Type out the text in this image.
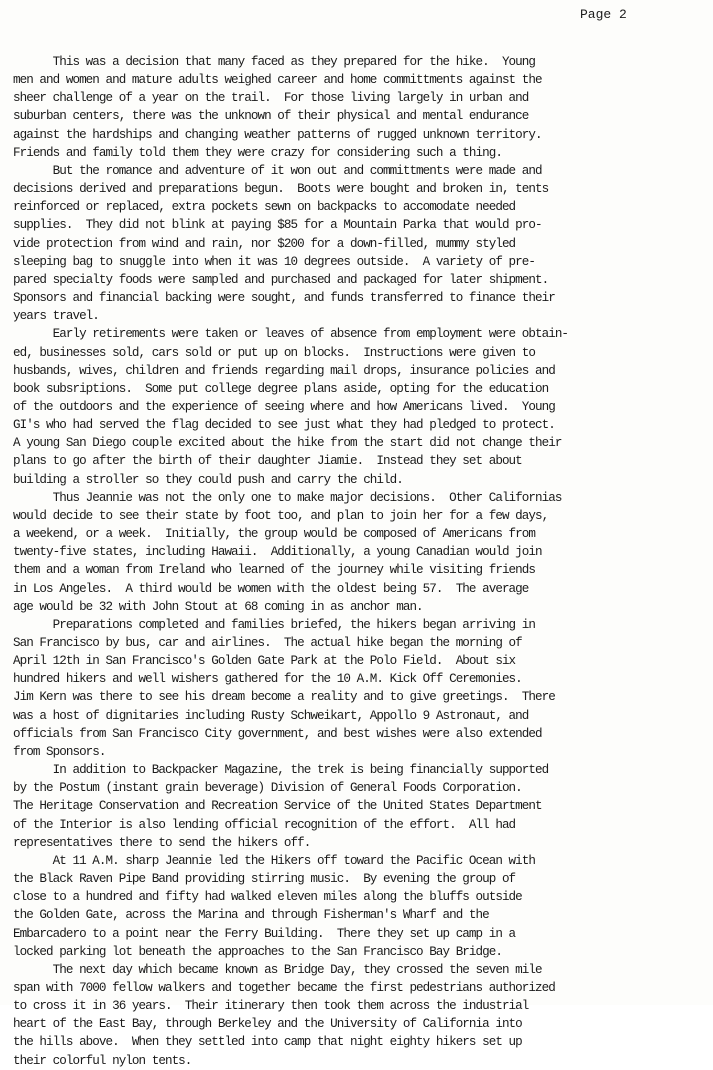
Page 2

This was a decision that many faced as they prepared for the hike.  Young
men and women and mature adults weighed career and home committments against the
sheer challenge of a year on the trail.  For those living largely in urban and
suburban centers, there was the unknown of their physical and mental endurance
against the hardships and changing weather patterns of rugged unknown territory.
Friends and family told them they were crazy for considering such a thing.
But the romance and adventure of it won out and committments were made and
decisions derived and preparations begun.  Boots were bought and broken in, tents
reinforced or replaced, extra pockets sewn on backpacks to accomodate needed
supplies.  They did not blink at paying $85 for a Mountain Parka that would pro-
vide protection from wind and rain, nor $200 for a down-filled, mummy styled
sleeping bag to snuggle into when it was 10 degrees outside.  A variety of pre-
pared specialty foods were sampled and purchased and packaged for later shipment.
Sponsors and financial backing were sought, and funds transferred to finance their
years travel.
Early retirements were taken or leaves of absence from employment were obtain-
ed, businesses sold, cars sold or put up on blocks.  Instructions were given to
husbands, wives, children and friends regarding mail drops, insurance policies and
book subsriptions.  Some put college degree plans aside, opting for the education
of the outdoors and the experience of seeing where and how Americans lived.  Young
GI's who had served the flag decided to see just what they had pledged to protect.
A young San Diego couple excited about the hike from the start did not change their
plans to go after the birth of their daughter Jiamie.  Instead they set about
building a stroller so they could push and carry the child.
Thus Jeannie was not the only one to make major decisions.  Other Californias
would decide to see their state by foot too, and plan to join her for a few days,
a weekend, or a week.  Initially, the group would be composed of Americans from
twenty-five states, including Hawaii.  Additionally, a young Canadian would join
them and a woman from Ireland who learned of the journey while visiting friends
in Los Angeles.  A third would be women with the oldest being 57.  The average
age would be 32 with John Stout at 68 coming in as anchor man.
Preparations completed and families briefed, the hikers began arriving in
San Francisco by bus, car and airlines.  The actual hike began the morning of
April 12th in San Francisco's Golden Gate Park at the Polo Field.  About six
hundred hikers and well wishers gathered for the 10 A.M. Kick Off Ceremonies.
Jim Kern was there to see his dream become a reality and to give greetings.  There
was a host of dignitaries including Rusty Schweikart, Appollo 9 Astronaut, and
officials from San Francisco City government, and best wishes were also extended
from Sponsors.
In addition to Backpacker Magazine, the trek is being financially supported
by the Postum (instant grain beverage) Division of General Foods Corporation.
The Heritage Conservation and Recreation Service of the United States Department
of the Interior is also lending official recognition of the effort.  All had
representatives there to send the hikers off.
At 11 A.M. sharp Jeannie led the Hikers off toward the Pacific Ocean with
the Black Raven Pipe Band providing stirring music.  By evening the group of
close to a hundred and fifty had walked eleven miles along the bluffs outside
the Golden Gate, across the Marina and through Fisherman's Wharf and the
Embarcadero to a point near the Ferry Building.  There they set up camp in a
locked parking lot beneath the approaches to the San Francisco Bay Bridge.
The next day which became known as Bridge Day, they crossed the seven mile
span with 7000 fellow walkers and together became the first pedestrians authorized
to cross it in 36 years.  Their itinerary then took them across the industrial
heart of the East Bay, through Berkeley and the University of California into
the hills above.  When they settled into camp that night eighty hikers set up
their colorful nylon tents.
